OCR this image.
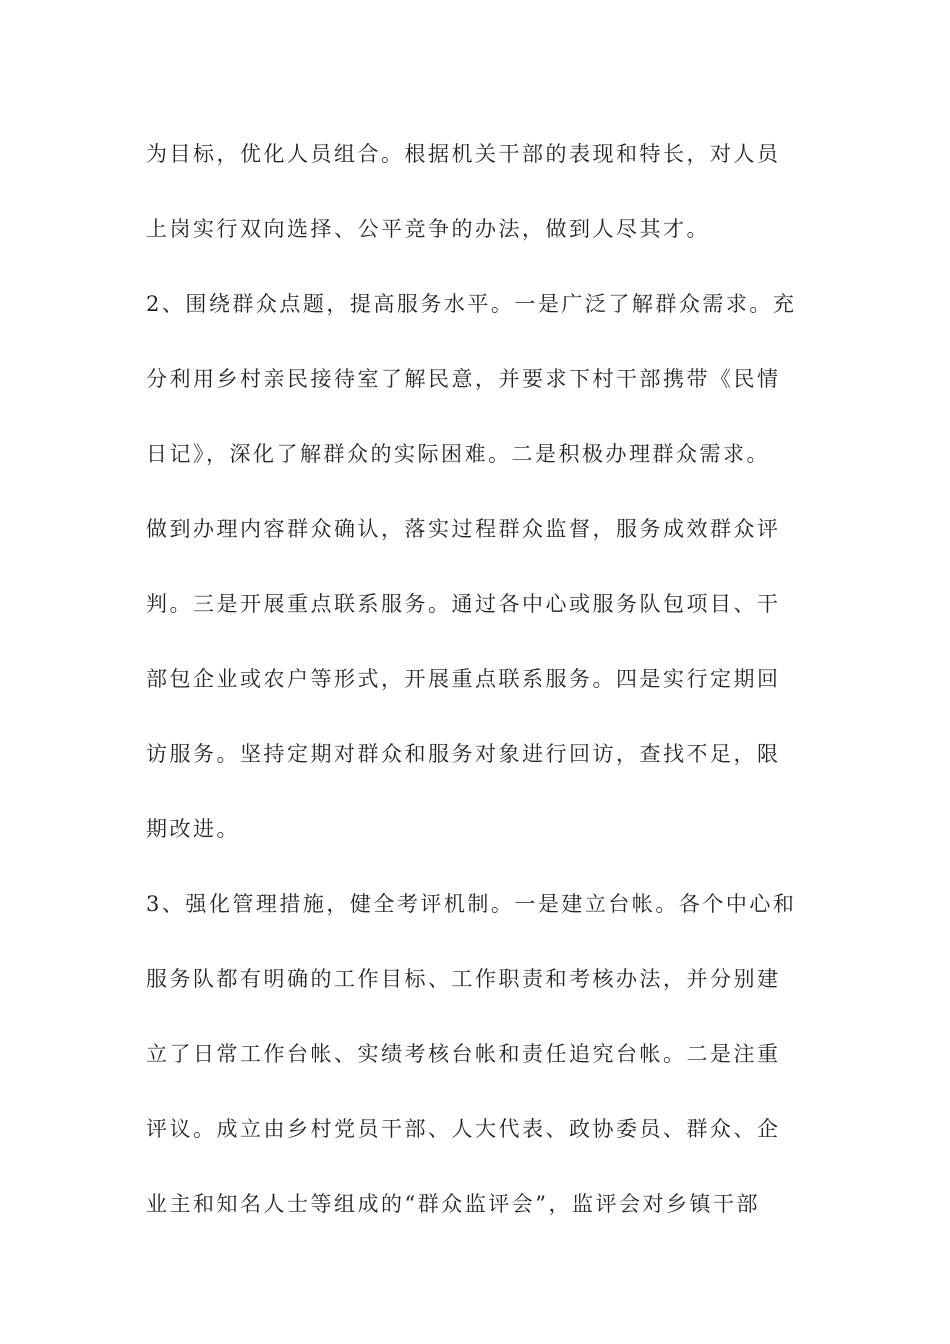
为目标，优化人员组合。根据机关干部的表现和特长，对人员
上岗实行双向选择、公平竞争的办法，做到人尽其才。
2、围绕群众点题，提高服务水平。一是广泛了解群众需求。充
分利用乡村亲民接待室了解民意，并要求下村干部携带《民情
日记》，深化了解群众的实际困难。二是积极办理群众需求。
做到办理内容群众确认，落实过程群众监督，服务成效群众评
判。三是开展重点联系服务。通过各中心或服务队包项目、干
部包企业或农户等形式，开展重点联系服务。四是实行定期回
访服务。坚持定期对群众和服务对象进行回访，查找不足，限
期改进。
3、强化管理措施，健全考评机制。一是建立台帐。各个中心和
服务队都有明确的工作目标、工作职责和考核办法，并分别建
立了日常工作台帐、实绩考核台帐和责任追究台帐。二是注重
评议。成立由乡村党员干部、人大代表、政协委员、群众、企
业主和知名人士等组成的“群众监评会”，监评会对乡镇干部
